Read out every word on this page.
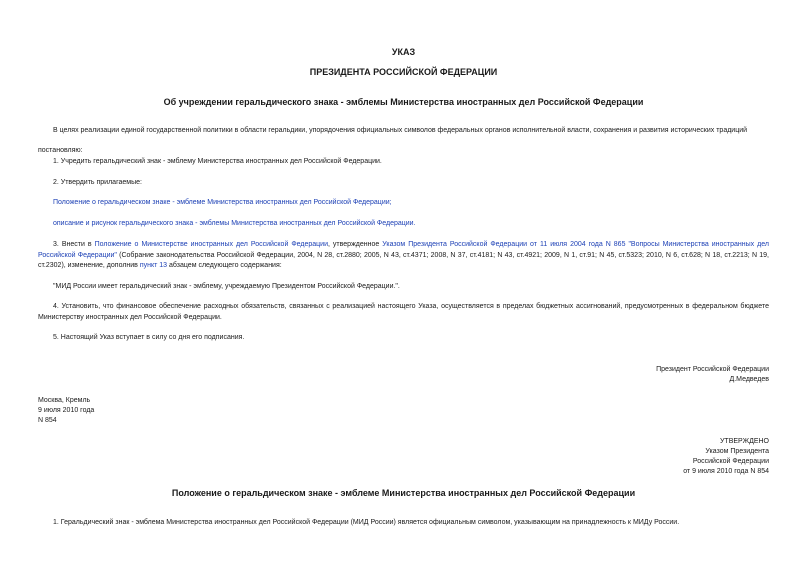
УКАЗ
ПРЕЗИДЕНТА РОССИЙСКОЙ ФЕДЕРАЦИИ
Об учреждении геральдического знака - эмблемы Министерства иностранных дел Российской Федерации
В целях реализации единой государственной политики в области геральдики, упорядочения официальных символов федеральных органов исполнительной власти, сохранения и развития исторических традиций
постановляю:
1. Учредить геральдический знак - эмблему Министерства иностранных дел Российской Федерации.
2. Утвердить прилагаемые:
Положение о геральдическом знаке - эмблеме Министерства иностранных дел Российской Федерации;
описание и рисунок геральдического знака - эмблемы Министерства иностранных дел Российской Федерации.
3. Внести в Положение о Министерстве иностранных дел Российской Федерации, утвержденное Указом Президента Российской Федерации от 11 июля 2004 года N 865 "Вопросы Министерства иностранных дел Российской Федерации" (Собрание законодательства Российской Федерации, 2004, N 28, ст.2880; 2005, N 43, ст.4371; 2008, N 37, ст.4181; N 43, ст.4921; 2009, N 1, ст.91; N 45, ст.5323; 2010, N 6, ст.628; N 18, ст.2213; N 19, ст.2302), изменение, дополнив пункт 13 абзацем следующего содержания:
"МИД России имеет геральдический знак - эмблему, учреждаемую Президентом Российской Федерации.".
4. Установить, что финансовое обеспечение расходных обязательств, связанных с реализацией настоящего Указа, осуществляется в пределах бюджетных ассигнований, предусмотренных в федеральном бюджете Министерству иностранных дел Российской Федерации.
5. Настоящий Указ вступает в силу со дня его подписания.
Президент Российской Федерации
Д.Медведев
Москва, Кремль
9 июля 2010 года
N 854
УТВЕРЖДЕНО
Указом Президента
Российской Федерации
от 9 июля 2010 года N 854
Положение о геральдическом знаке - эмблеме Министерства иностранных дел Российской Федерации
1. Геральдический знак - эмблема Министерства иностранных дел Российской Федерации (МИД России) является официальным символом, указывающим на принадлежность к МИДу России.
